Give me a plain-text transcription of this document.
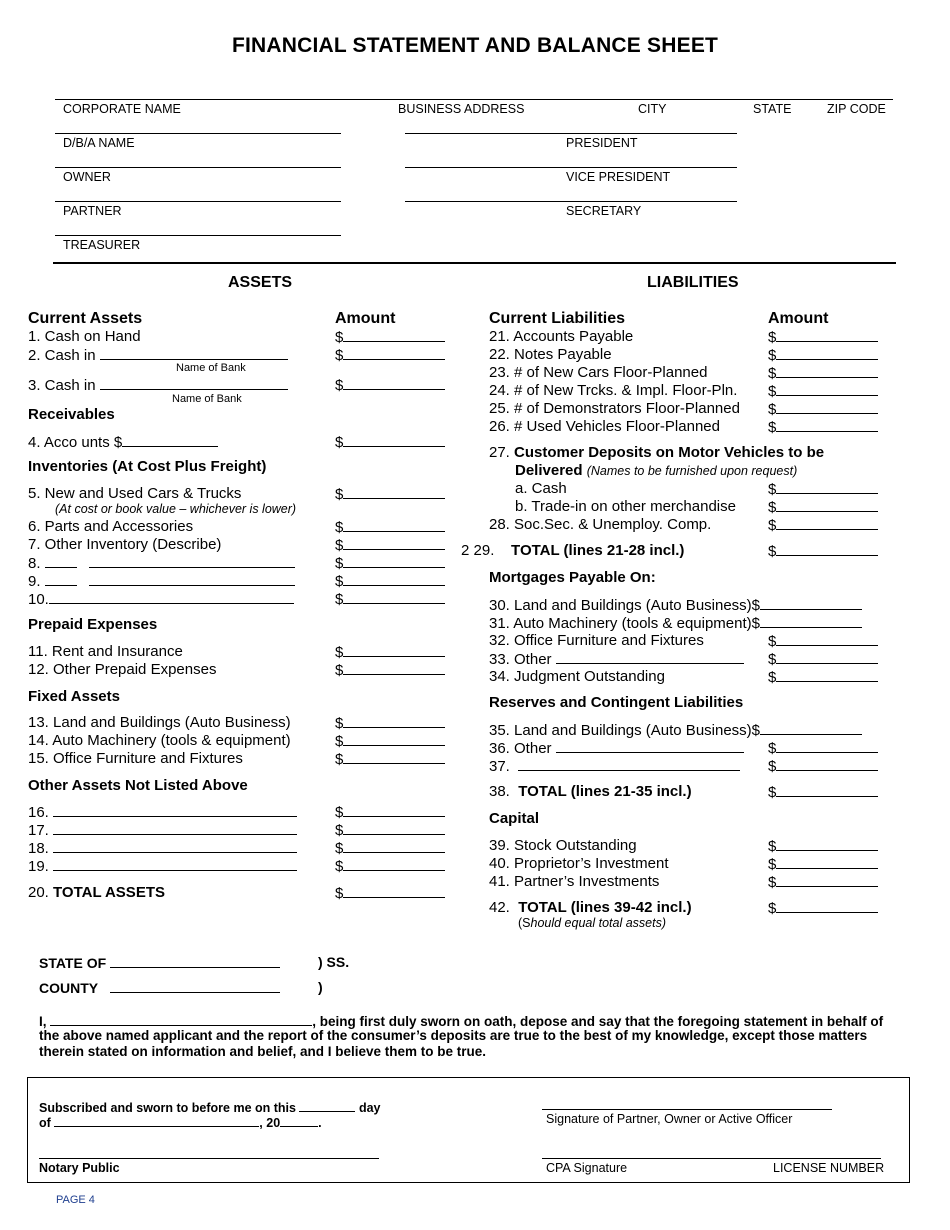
FINANCIAL STATEMENT AND BALANCE SHEET
CORPORATE NAME	BUSINESS ADDRESS	CITY	STATE	ZIP CODE
D/B/A NAME	PRESIDENT
OWNER	VICE PRESIDENT
PARTNER	SECRETARY
TREASURER
ASSETS	LIABILITIES
Current Assets	Amount
1. Cash on Hand	$
2. Cash in	$
Name of Bank
3. Cash in	$
Name of Bank
Receivables
4. Acco unts $	$
Inventories (At Cost Plus Freight)
5. New and Used Cars & Trucks	$
(At cost or book value – whichever is lower)
6. Parts and Accessories	$
7. Other Inventory (Describe)	$
8.	$
9.	$
10.	$
Prepaid Expenses
11. Rent and Insurance	$
12. Other Prepaid Expenses	$
Fixed Assets
13. Land and Buildings (Auto Business)	$
14. Auto Machinery (tools & equipment)	$
15. Office Furniture and Fixtures	$
Other Assets Not Listed Above
16.	$
17.	$
18.	$
19.	$
20. TOTAL ASSETS	$
Current Liabilities	Amount
21. Accounts Payable	$
22. Notes Payable	$
23. # of New Cars Floor-Planned	$
24. # of New Trcks. & Impl. Floor-Pln. $
25. # of Demonstrators Floor-Planned $
26. # Used Vehicles Floor-Planned	$
27. Customer Deposits on Motor Vehicles to be
Delivered (Names to be furnished upon request)
a. Cash	$
b. Trade-in on other merchandise $
28. Soc.Sec. & Unemploy. Comp.	$
2 29. TOTAL (lines 21-28 incl.)	$
Mortgages Payable On:
30. Land and Buildings (Auto Business)$
31. Auto Machinery (tools & equipment)$
32. Office Furniture and Fixtures	$
33. Other	$
34. Judgment Outstanding	$
Reserves and Contingent Liabilities
35. Land and Buildings (Auto Business)$
36. Other	$
37.	$
38. TOTAL (lines 21-35 incl.)	$
Capital
39. Stock Outstanding	$
40. Proprietor’s Investment	$
41. Partner’s Investments	$
42. TOTAL (lines 39-42 incl.)	$
(Should equal total assets)
STATE OF	) SS.
COUNTY	)
I,	, being first duly sworn on oath, depose and say that the foregoing statement in behalf of
the above named applicant and the report of the consumer’s deposits are true to the best of my knowledge, except those matters
therein stated on information and belief, and I believe them to be true.
Subscribed and sworn to before me on this	day
of	, 20	.	Signature of Partner, Owner or Active Officer
Notary Public	CPA Signature	LICENSE NUMBER
PAGE 4
